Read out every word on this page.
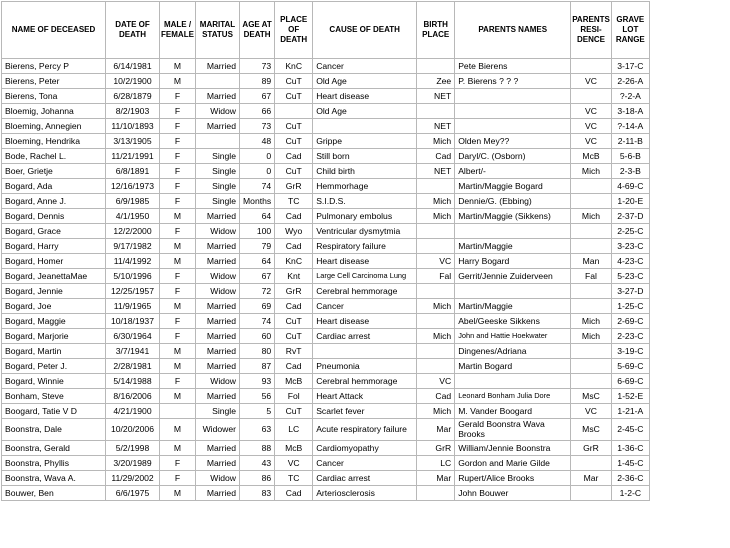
NAME OF DECEASED	DATE OF DEATH	MALE / FEMALE	MARITAL STATUS	AGE AT DEATH	PLACE OF DEATH	CAUSE OF DEATH	BIRTH PLACE	PARENTS NAMES	PARENTS RESI-DENCE	GRAVE LOT RANGE
Bierens, Percy P	6/14/1981	M	Married	73	KnC	Cancer		Pete Bierens		3-17-C
Bierens, Peter	10/2/1900	M		89	CuT	Old Age	Zee	P. Bierens ? ? ?	VC	2-26-A
Bierens, Tona	6/28/1879	F	Married	67	CuT	Heart disease	NET			?-2-A
Bloemig, Johanna	8/2/1903	F	Widow	66		Old Age			VC	3-18-A
Bloeming, Annegien	11/10/1893	F	Married	73	CuT		NET		VC	?-14-A
Bloeming, Hendrika	3/13/1905	F		48	CuT	Grippe	Mich	Olden Mey??	VC	2-11-B
Bode, Rachel L.	11/21/1991	F	Single	0	Cad	Still born	Cad	Daryl/C. (Osborn)	McB	5-6-B
Boer, Grietje	6/8/1891	F	Single	0	CuT	Child birth	NET	Albert/-	Mich	2-3-B
Bogard, Ada	12/16/1973	F	Single	74	GrR	Hemmorhage		Martin/Maggie Bogard		4-69-C
Bogard, Anne J.	6/9/1985	F	Single	Months	TC	S.I.D.S.	Mich	Dennie/G. (Ebbing)		1-20-E
Bogard, Dennis	4/1/1950	M	Married	64	Cad	Pulmonary embolus	Mich	Martin/Maggie (Sikkens)	Mich	2-37-D
Bogard, Grace	12/2/2000	F	Widow	100	Wyo	Ventricular dysmytmia				2-25-C
Bogard, Harry	9/17/1982	M	Married	79	Cad	Respiratory failure		Martin/Maggie		3-23-C
Bogard, Homer	11/4/1992	M	Married	64	KnC	Heart disease	VC	Harry Bogard	Man	4-23-C
Bogard, JeanettaMae	5/10/1996	F	Widow	67	Knt	Large Cell Carcinoma Lung	Fal	Gerrit/Jennie Zuiderveen	Fal	5-23-C
Bogard, Jennie	12/25/1957	F	Widow	72	GrR	Cerebral hemmorage				3-27-D
Bogard, Joe	11/9/1965	M	Married	69	Cad	Cancer	Mich	Martin/Maggie		1-25-C
Bogard, Maggie	10/18/1937	F	Married	74	CuT	Heart disease		Abel/Geeske Sikkens	Mich	2-69-C
Bogard, Marjorie	6/30/1964	F	Married	60	CuT	Cardiac arrest	Mich	John and Hattie Hoekwater	Mich	2-23-C
Bogard, Martin	3/7/1941	M	Married	80	RvT			Dingenes/Adriana		3-19-C
Bogard, Peter J.	2/28/1981	M	Married	87	Cad	Pneumonia		Martin Bogard		5-69-C
Bogard, Winnie	5/14/1988	F	Widow	93	McB	Cerebral hemmorage	VC			6-69-C
Bonham, Steve	8/16/2006	M	Married	56	Fol	Heart Attack	Cad	Leonard Bonham Julia Dore	MsC	1-52-E
Boogard, Tatie V D	4/21/1900		Single	5	CuT	Scarlet fever	Mich	M. Vander Boogard	VC	1-21-A
Boonstra, Dale	10/20/2006	M	Widower	63	LC	Acute respiratory failure	Mar	Gerald Boonstra Wava Brooks	MsC	2-45-C
Boonstra, Gerald	5/2/1998	M	Married	88	McB	Cardiomyopathy	GrR	William/Jennie Boonstra	GrR	1-36-C
Boonstra, Phyllis	3/20/1989	F	Married	43	VC	Cancer	LC	Gordon and Marie Gilde		1-45-C
Boonstra, Wava A.	11/29/2002	F	Widow	86	TC	Cardiac arrest	Mar	Rupert/Alice Brooks	Mar	2-36-C
Bouwer, Ben	6/6/1975	M	Married	83	Cad	Arteriosclerosis		John Bouwer		1-2-C
